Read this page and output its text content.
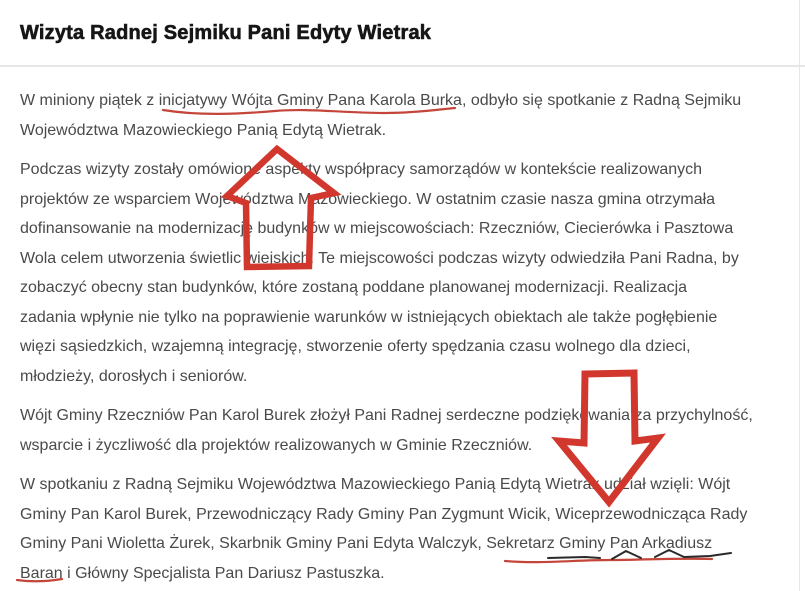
Wizyta Radnej Sejmiku Pani Edyty Wietrak
W miniony piątek z inicjatywy Wójta Gminy Pana Karola Burka, odbyło się spotkanie z Radną Sejmiku
Województwa Mazowieckiego Panią Edytą Wietrak.
Podczas wizyty zostały omówione aspekty współpracy samorządów w kontekście realizowanych
projektów ze wsparciem Województwa Mazowieckiego. W ostatnim czasie nasza gmina otrzymała
dofinansowanie na modernizację budynków w miejscowościach: Rzeczniów, Ciecierówka i Pasztowa
Wola celem utworzenia świetlic wiejskich. Te miejscowości podczas wizyty odwiedziła Pani Radna, by
zobaczyć obecny stan budynków, które zostaną poddane planowanej modernizacji. Realizacja
zadania wpłynie nie tylko na poprawienie warunków w istniejących obiektach ale także pogłębienie
więzi sąsiedzkich, wzajemną integrację, stworzenie oferty spędzania czasu wolnego dla dzieci,
młodzieży, dorosłych i seniorów.
Wójt Gminy Rzeczniów Pan Karol Burek złożył Pani Radnej serdeczne podziękowania za przychylność,
wsparcie i życzliwość dla projektów realizowanych w Gminie Rzeczniów.
W spotkaniu z Radną Sejmiku Województwa Mazowieckiego Panią Edytą Wietrak udział wzięli: Wójt
Gminy Pan Karol Burek, Przewodniczący Rady Gminy Pan Zygmunt Wicik, Wiceprzewodnicząca Rady
Gminy Pani Wioletta Żurek, Skarbnik Gminy Pani Edyta Walczyk, Sekretarz Gminy Pan Arkadiusz
Baran i Główny Specjalista Pan Dariusz Pastuszka.
